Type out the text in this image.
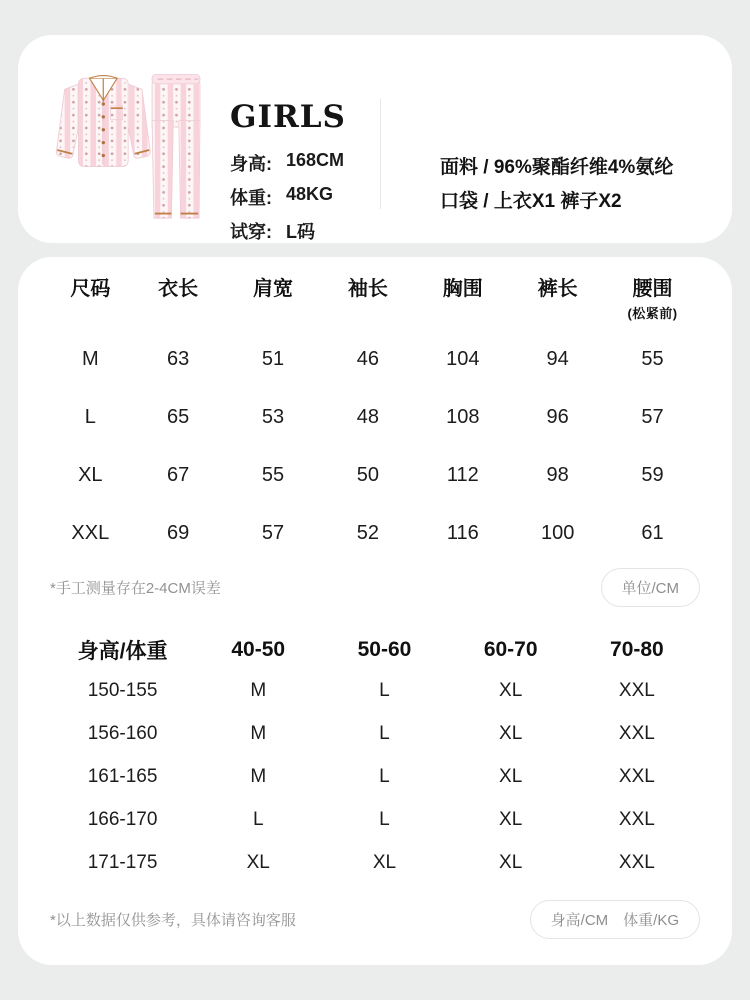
GIRLS
身高: 168CM
体重: 48KG
试穿: L码
面料 / 96%聚酯纤维4%氨纶
口袋 / 上衣X1 裤子X2
尺码	衣长	肩宽	袖长	胸围	裤长	腰围
(松紧前)
M	63	51	46	104	94	55
L	65	53	48	108	96	57
XL	67	55	50	112	98	59
XXL	69	57	52	116	100	61
*手工测量存在2-4CM误差	单位/CM
身高/体重	40-50	50-60	60-70	70-80
150-155	M	L	XL	XXL
156-160	M	L	XL	XXL
161-165	M	L	XL	XXL
166-170	L	L	XL	XXL
171-175	XL	XL	XL	XXL
*以上数据仅供参考，具体请咨询客服	身高/CM　体重/KG
